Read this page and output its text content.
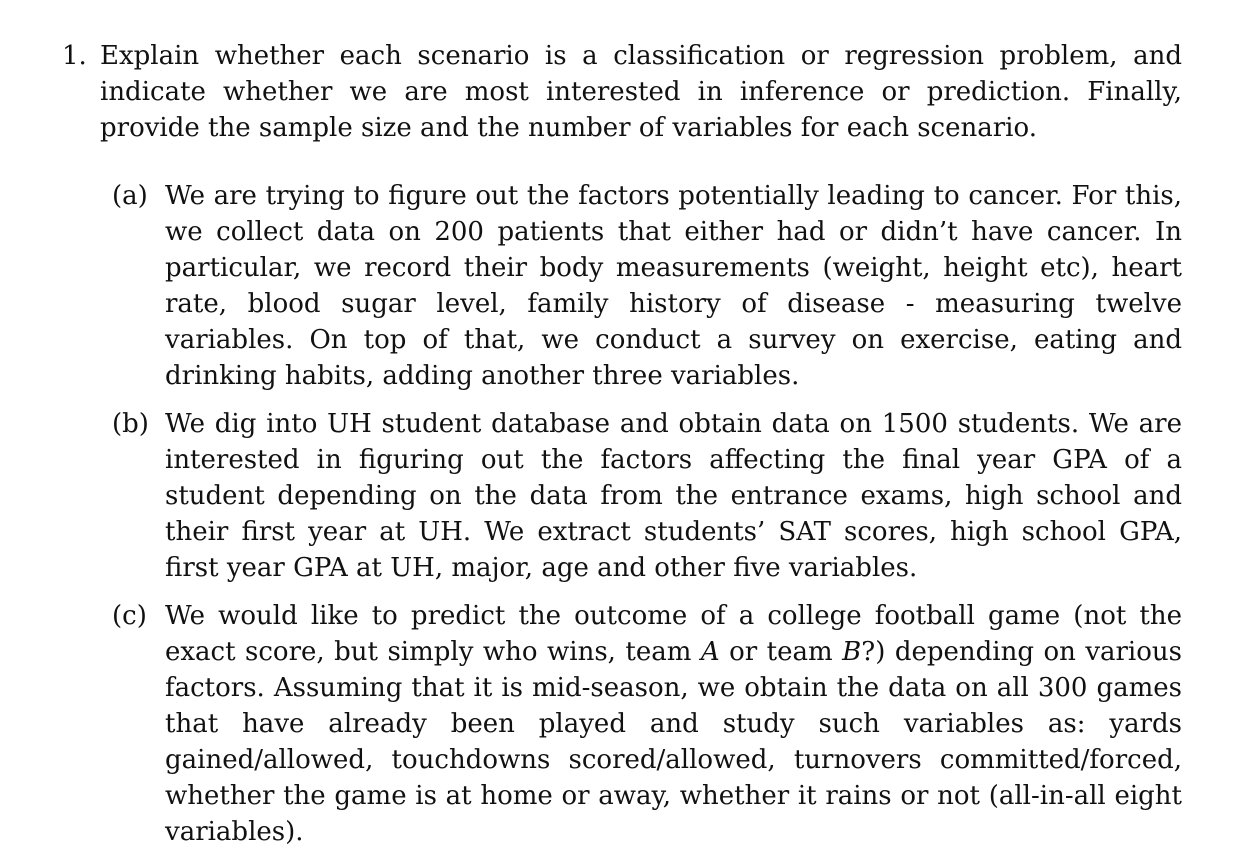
1. Explain whether each scenario is a classification or regression problem, and indicate whether we are most interested in inference or prediction. Finally, provide the sample size and the number of variables for each scenario.
(a) We are trying to figure out the factors potentially leading to cancer. For this, we collect data on 200 patients that either had or didn’t have cancer. In particular, we record their body measurements (weight, height etc), heart rate, blood sugar level, family history of disease - measuring twelve variables. On top of that, we conduct a survey on exercise, eating and drinking habits, adding another three variables.
(b) We dig into UH student database and obtain data on 1500 students. We are interested in figuring out the factors affecting the final year GPA of a student depending on the data from the entrance exams, high school and their first year at UH. We extract students’ SAT scores, high school GPA, first year GPA at UH, major, age and other five variables.
(c) We would like to predict the outcome of a college football game (not the exact score, but simply who wins, team A or team B?) depending on various factors. Assuming that it is mid-season, we obtain the data on all 300 games that have already been played and study such variables as: yards gained/allowed, touchdowns scored/allowed, turnovers committed/forced, whether the game is at home or away, whether it rains or not (all-in-all eight variables).
